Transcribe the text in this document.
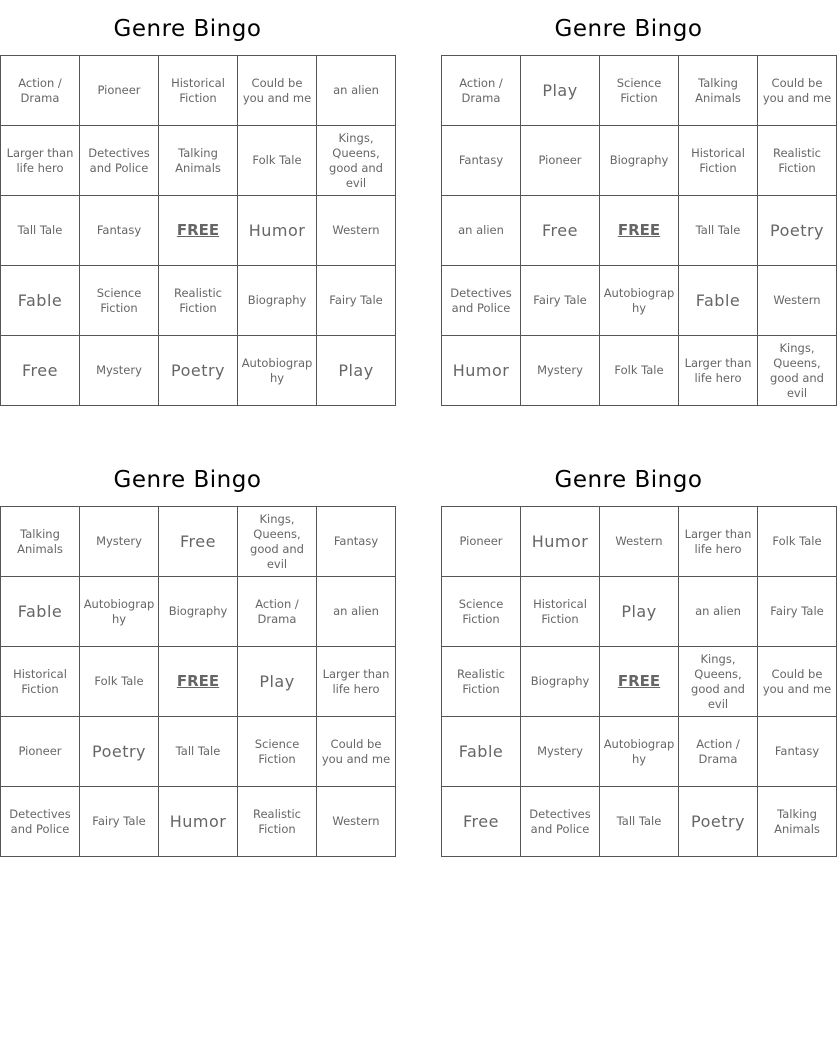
Genre Bingo
Action / Drama	Pioneer	Historical Fiction	Could be you and me	an alien
Larger than life hero	Detectives and Police	Talking Animals	Folk Tale	Kings, Queens, good and evil
Tall Tale	Fantasy	FREE	Humor	Western
Fable	Science Fiction	Realistic Fiction	Biography	Fairy Tale
Free	Mystery	Poetry	Autobiography	Play
Genre Bingo
Action / Drama	Play	Science Fiction	Talking Animals	Could be you and me
Fantasy	Pioneer	Biography	Historical Fiction	Realistic Fiction
an alien	Free	FREE	Tall Tale	Poetry
Detectives and Police	Fairy Tale	Autobiography	Fable	Western
Humor	Mystery	Folk Tale	Larger than life hero	Kings, Queens, good and evil
Genre Bingo
Talking Animals	Mystery	Free	Kings, Queens, good and evil	Fantasy
Fable	Autobiography	Biography	Action / Drama	an alien
Historical Fiction	Folk Tale	FREE	Play	Larger than life hero
Pioneer	Poetry	Tall Tale	Science Fiction	Could be you and me
Detectives and Police	Fairy Tale	Humor	Realistic Fiction	Western
Genre Bingo
Pioneer	Humor	Western	Larger than life hero	Folk Tale
Science Fiction	Historical Fiction	Play	an alien	Fairy Tale
Realistic Fiction	Biography	FREE	Kings, Queens, good and evil	Could be you and me
Fable	Mystery	Autobiography	Action / Drama	Fantasy
Free	Detectives and Police	Tall Tale	Poetry	Talking Animals
